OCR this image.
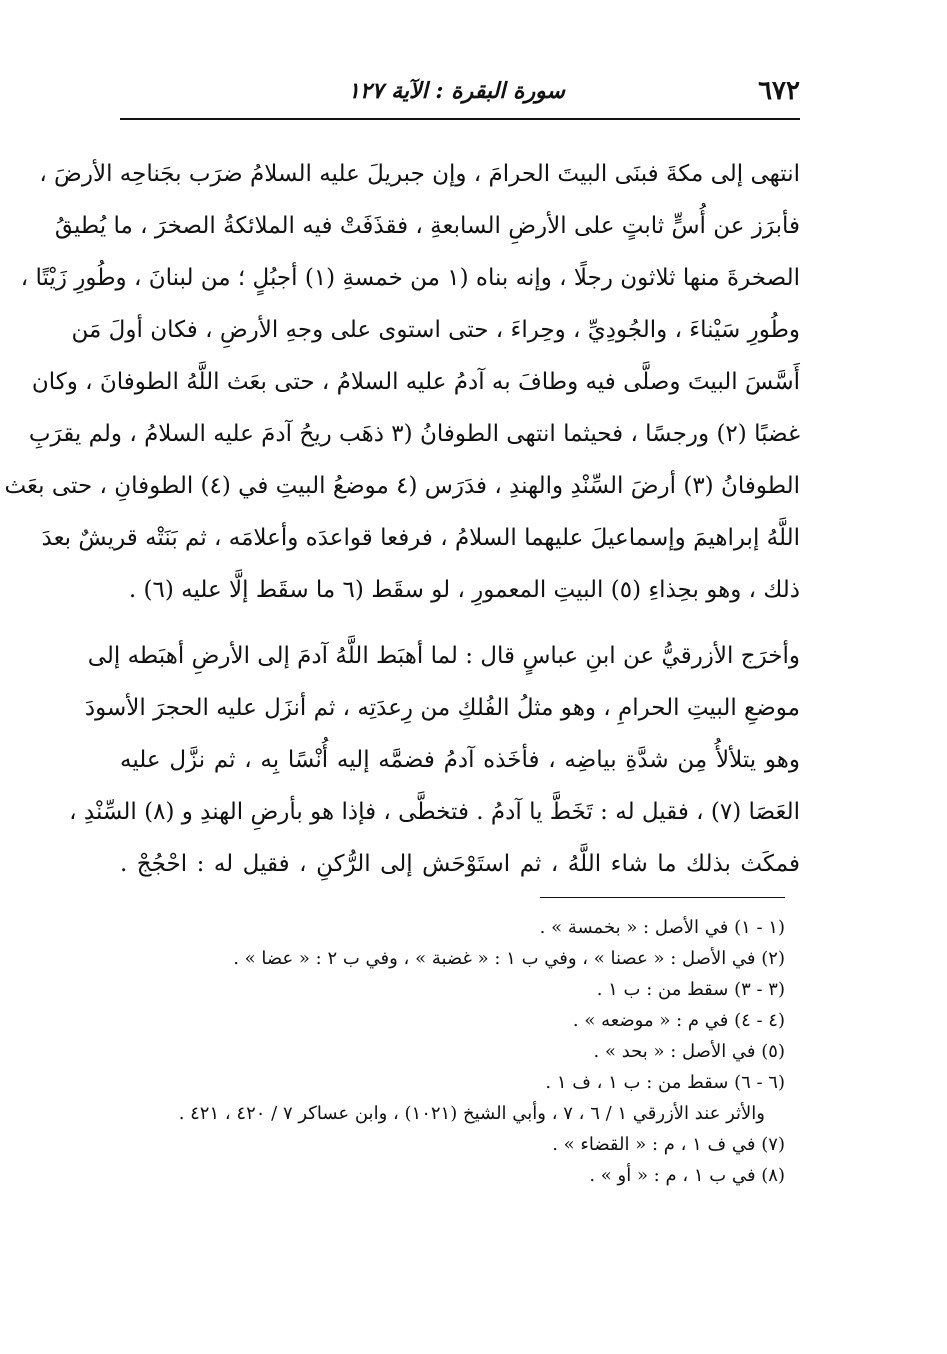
٦٧٢
سورة البقرة : الآية ١٢٧
انتهى إلى مكةَ فبنَى البيتَ الحرامَ ، وإن جبريلَ عليه السلامُ ضرَب بجَناحِه الأرضَ ،
فأبرَز عن أُسٍّ ثابتٍ على الأرضِ السابعةِ ، فقذَفَتْ فيه الملائكةُ الصخرَ ، ما يُطيقُ
الصخرةَ منها ثلاثون رجلًا ، وإنه بناه (١ من خمسةِ (١) أجبُلٍ ؛ من لبنانَ ، وطُورِ زَيْتًا ،
وطُورِ سَيْناءَ ، والجُودِيِّ ، وحِراءَ ، حتى استوى على وجهِ الأرضِ ، فكان أولَ مَن
أَسَّسَ البيتَ وصلَّى فيه وطافَ به آدمُ عليه السلامُ ، حتى بعَث اللَّهُ الطوفانَ ، وكان
غضبًا (٢) ورجسًا ، فحيثما انتهى الطوفانُ (٣ ذهَب ريحُ آدمَ عليه السلامُ ، ولم يقرَبِ
الطوفانُ (٣) أرضَ السِّنْدِ والهندِ ، فدَرَس (٤ موضعُ البيتِ في (٤) الطوفانِ ، حتى بعَث
اللَّهُ إبراهيمَ وإسماعيلَ عليهما السلامُ ، فرفعا قواعدَه وأعلامَه ، ثم بَنَتْه قريشٌ بعدَ
ذلك ، وهو بحِذاءِ (٥) البيتِ المعمورِ ، لو سقَط (٦ ما سقَط إلَّا عليه (٦) .
وأخرَج الأزرقيُّ عن ابنِ عباسٍ قال : لما أهبَط اللَّهُ آدمَ إلى الأرضِ أهبَطه إلى
موضعِ البيتِ الحرامِ ، وهو مثلُ الفُلكِ من رِعدَتِه ، ثم أنزَل عليه الحجرَ الأسودَ
وهو يتلألأُ مِن شدَّةِ بياضِه ، فأخَذه آدمُ فضمَّه إليه أُنْسًا بِه ، ثم نزَّل عليه
العَصَا (٧) ، فقيل له : تَخَطَّ يا آدمُ . فتخطَّى ، فإذا هو بأرضِ الهندِ و (٨) السِّنْدِ ،
فمكَث بذلك ما شاء اللَّهُ ، ثم استَوْحَش إلى الرُّكنِ ، فقيل له : احْجُجْ .
(١ - ١) في الأصل : « بخمسة » .
(٢) في الأصل : « عصنا » ، وفي ب ١ : « غضبة » ، وفي ب ٢ : « عضا » .
(٣ - ٣) سقط من : ب ١ .
(٤ - ٤) في م : « موضعه » .
(٥) في الأصل : « بحد » .
(٦ - ٦) سقط من : ب ١ ، ف ١ .
والأثر عند الأزرقي ١ / ٦ ، ٧ ، وأبي الشيخ (١٠٢١) ، وابن عساكر ٧ / ٤٢٠ ، ٤٢١ .
(٧) في ف ١ ، م : « القضاء » .
(٨) في ب ١ ، م : « أو » .
